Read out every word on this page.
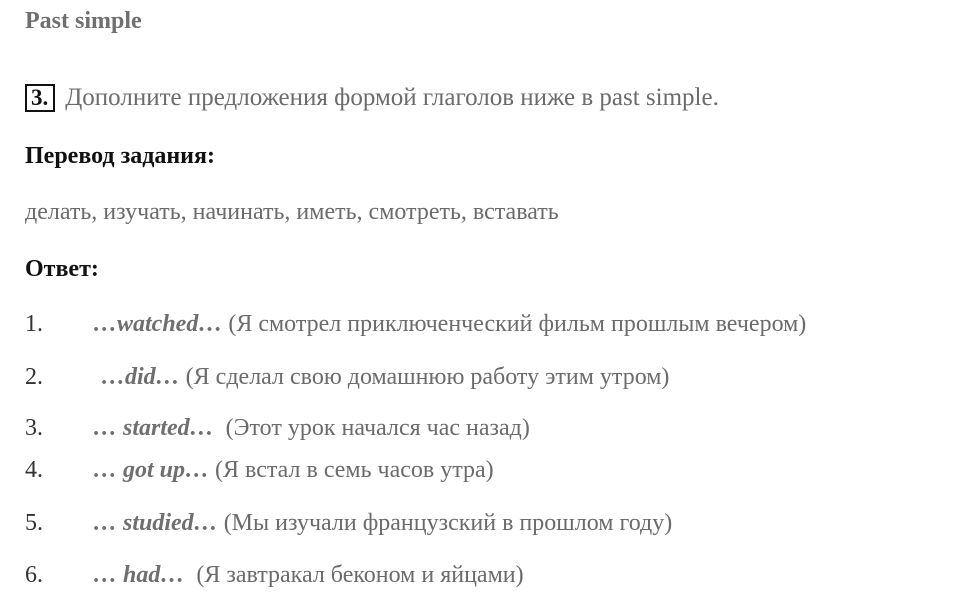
Past simple
3. Дополните предложения формой глаголов ниже в past simple.
Перевод задания:
делать, изучать, начинать, иметь, смотреть, вставать
Ответ:
1. …watched… (Я смотрел приключенческий фильм прошлым вечером)
2. …did… (Я сделал свою домашнюю работу этим утром)
3. … started… (Этот урок начался час назад)
4. … got up… (Я встал в семь часов утра)
5. … studied… (Мы изучали французский в прошлом году)
6. … had… (Я завтракал беконом и яйцами)
